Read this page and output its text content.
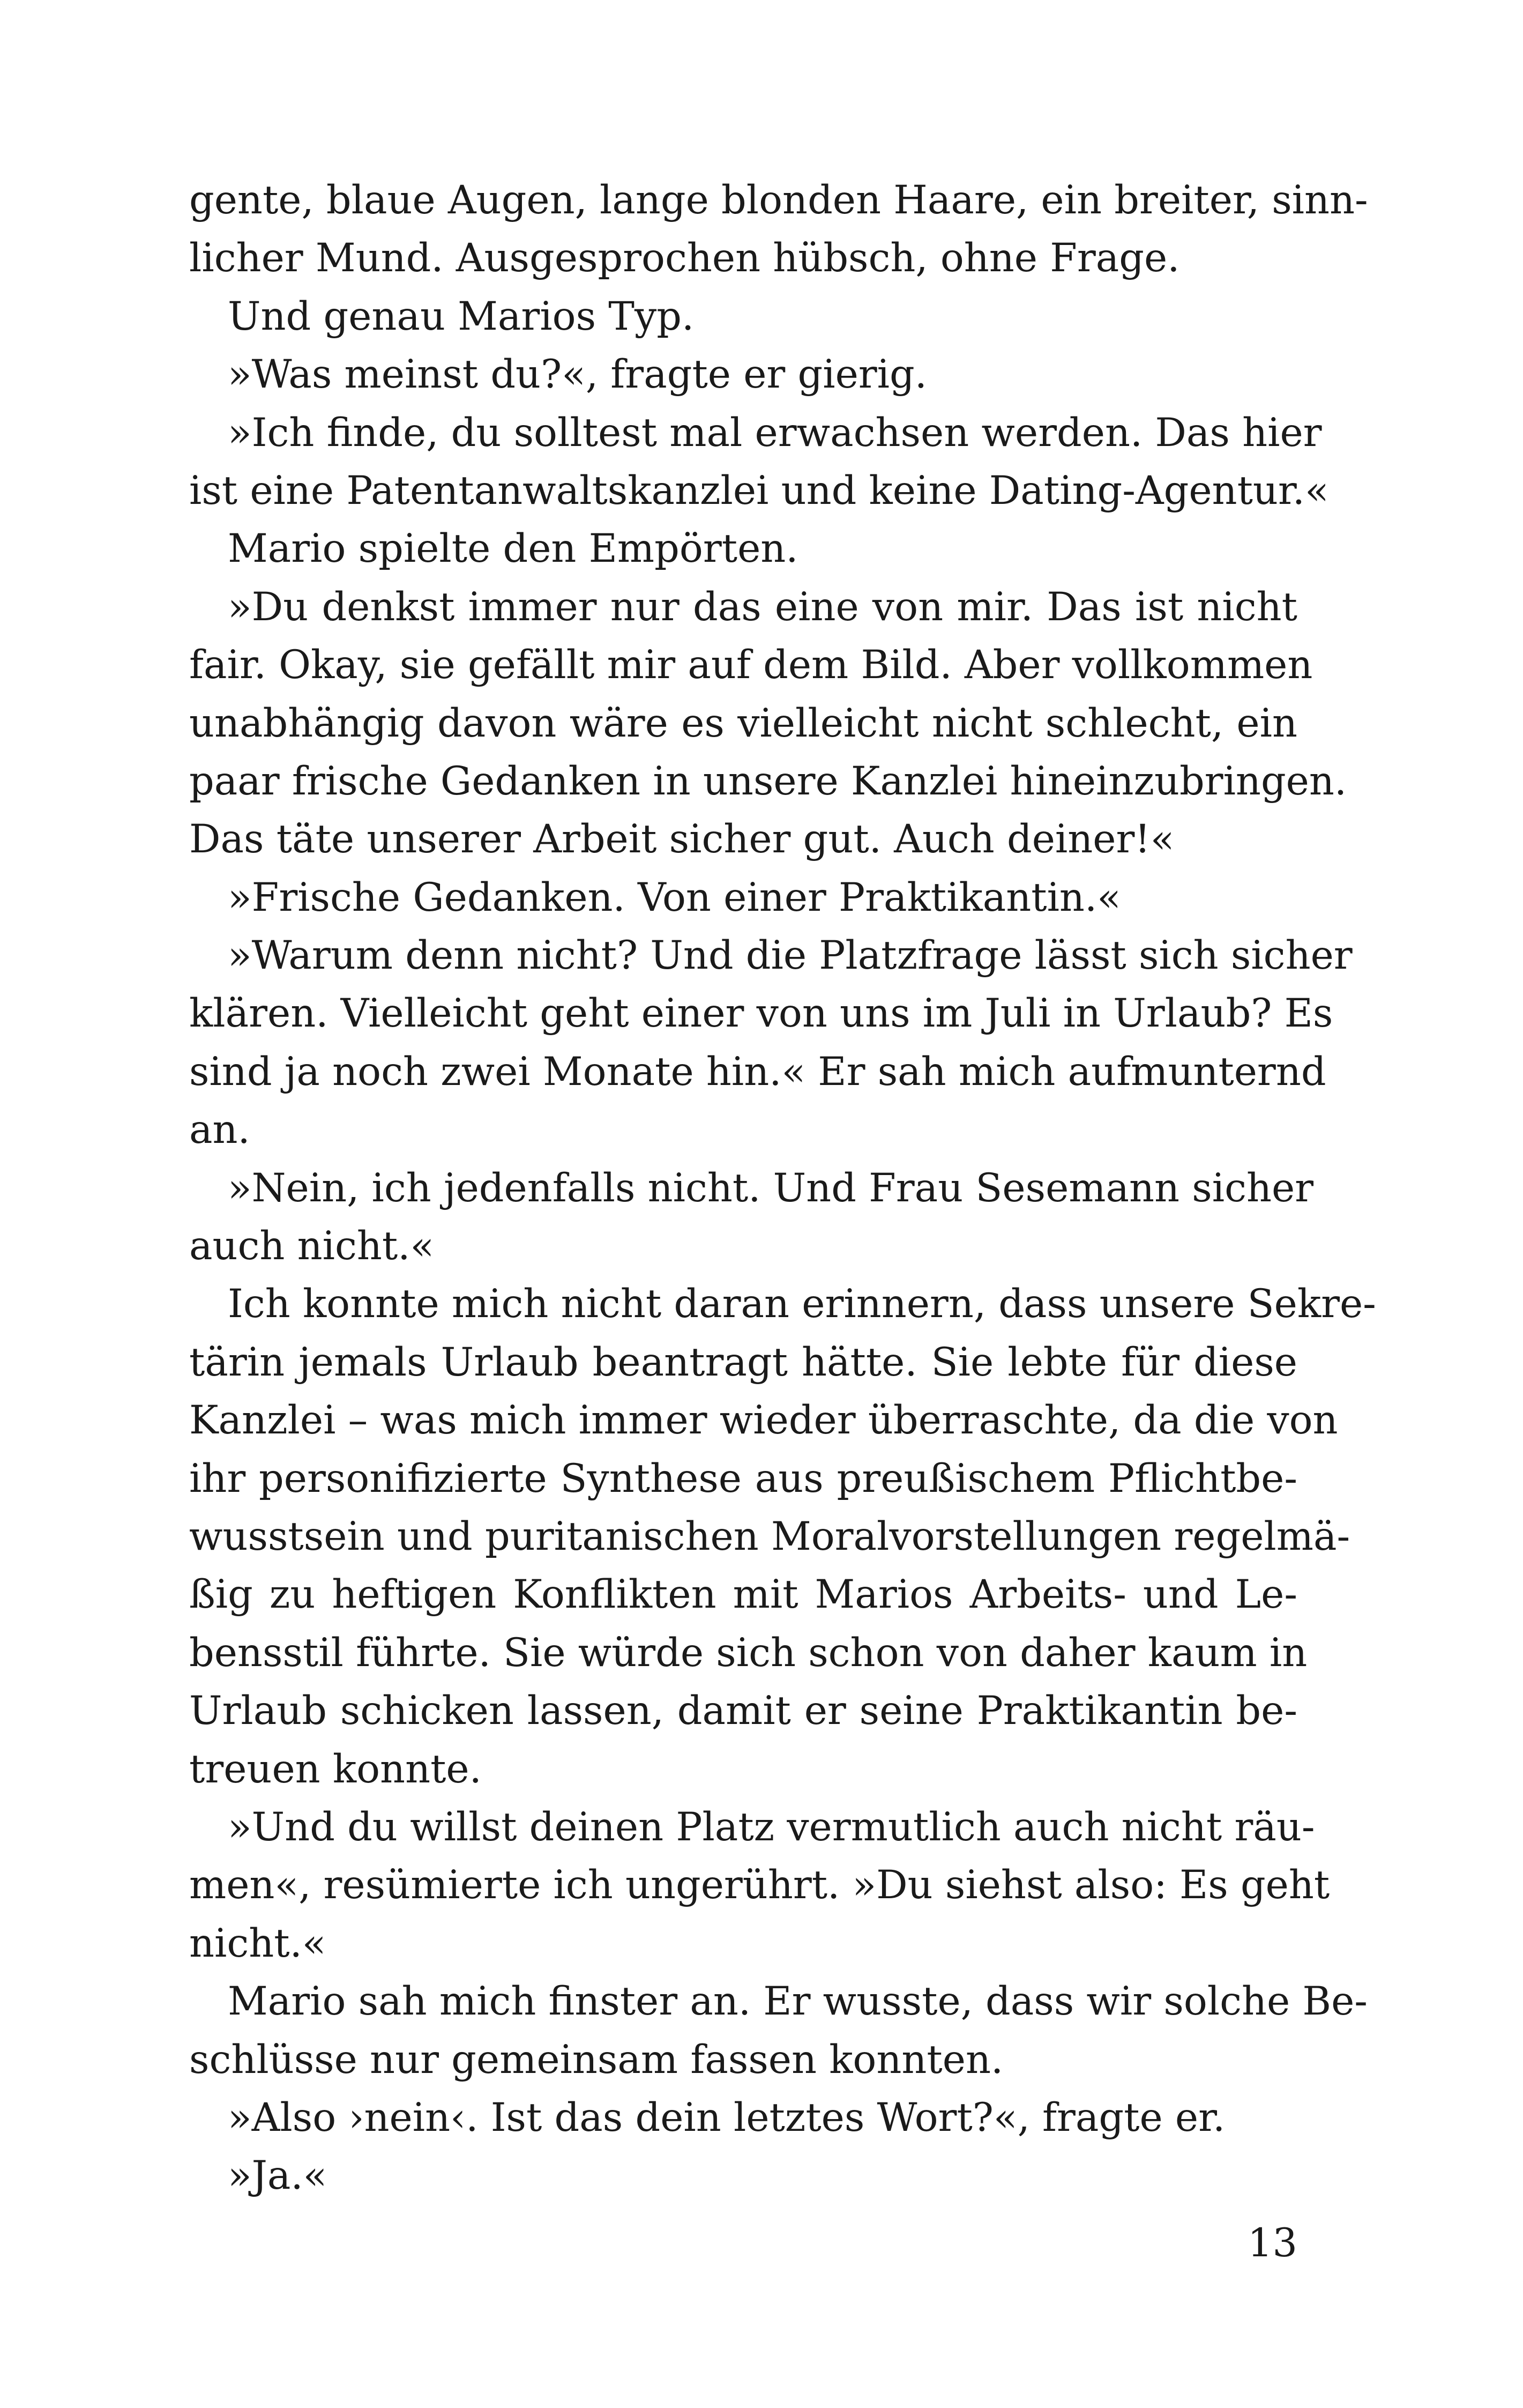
gente, blaue Augen, lange blonden Haare, ein breiter, sinn-
licher Mund. Ausgesprochen hübsch, ohne Frage.
Und genau Marios Typ.
»Was meinst du?«, fragte er gierig.
»Ich finde, du solltest mal erwachsen werden. Das hier
ist eine Patentanwaltskanzlei und keine Dating-Agentur.«
Mario spielte den Empörten.
»Du denkst immer nur das eine von mir. Das ist nicht
fair. Okay, sie gefällt mir auf dem Bild. Aber vollkommen
unabhängig davon wäre es vielleicht nicht schlecht, ein
paar frische Gedanken in unsere Kanzlei hineinzubringen.
Das täte unserer Arbeit sicher gut. Auch deiner!«
»Frische Gedanken. Von einer Praktikantin.«
»Warum denn nicht? Und die Platzfrage lässt sich sicher
klären. Vielleicht geht einer von uns im Juli in Urlaub? Es
sind ja noch zwei Monate hin.« Er sah mich aufmunternd
an.
»Nein, ich jedenfalls nicht. Und Frau Sesemann sicher
auch nicht.«
Ich konnte mich nicht daran erinnern, dass unsere Sekre-
tärin jemals Urlaub beantragt hätte. Sie lebte für diese
Kanzlei – was mich immer wieder überraschte, da die von
ihr personifizierte Synthese aus preußischem Pflichtbe-
wusstsein und puritanischen Moralvorstellungen regelmä-
ßig zu heftigen Konflikten mit Marios Arbeits- und Le-
bensstil führte. Sie würde sich schon von daher kaum in
Urlaub schicken lassen, damit er seine Praktikantin be-
treuen konnte.
»Und du willst deinen Platz vermutlich auch nicht räu-
men«, resümierte ich ungerührt. »Du siehst also: Es geht
nicht.«
Mario sah mich finster an. Er wusste, dass wir solche Be-
schlüsse nur gemeinsam fassen konnten.
»Also ›nein‹. Ist das dein letztes Wort?«, fragte er.
»Ja.«
13
